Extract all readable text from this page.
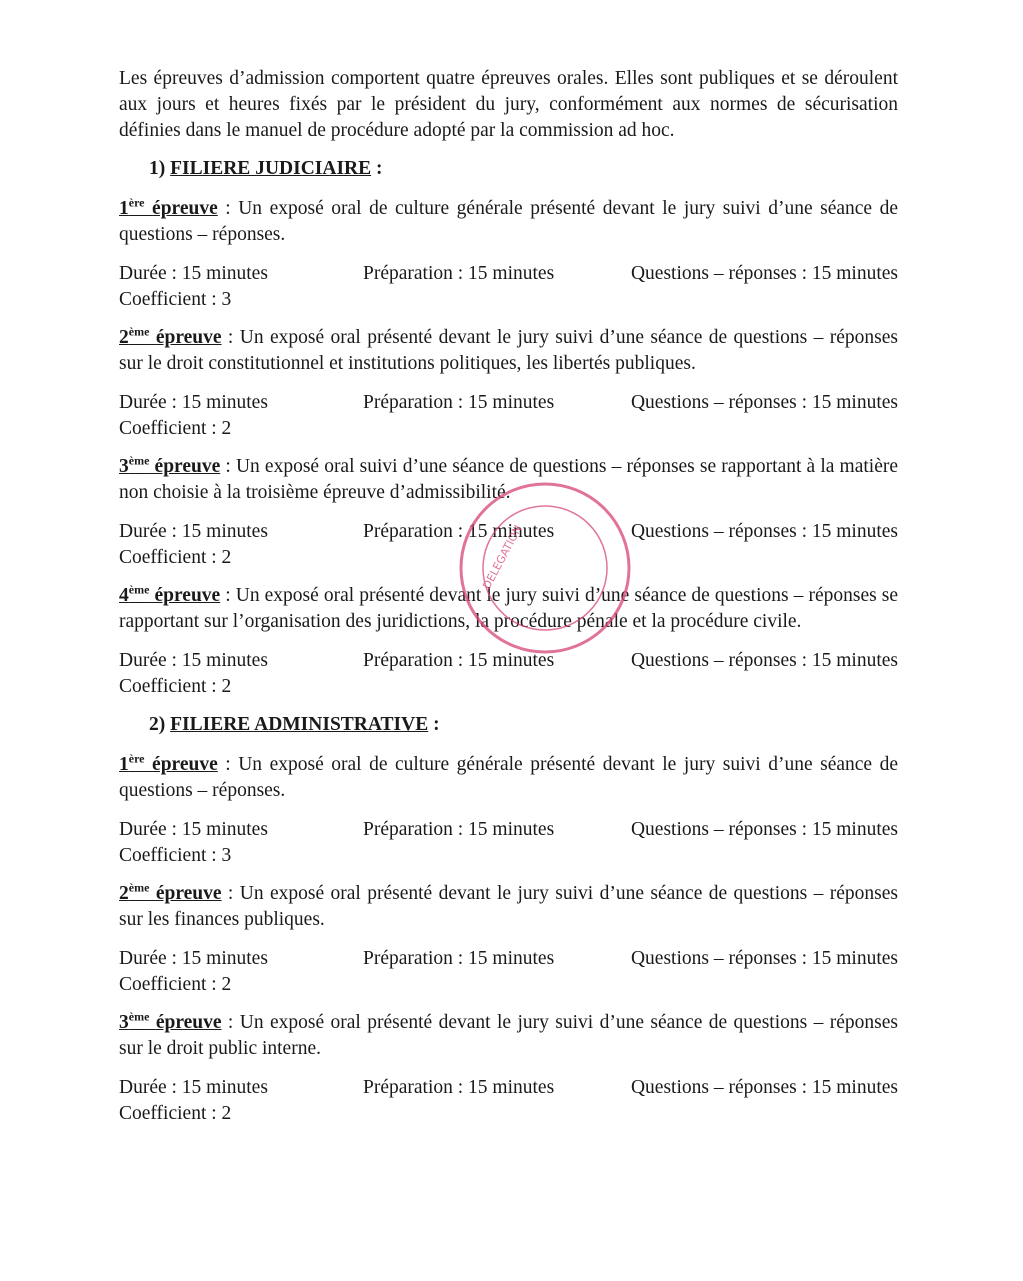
Les épreuves d’admission comportent quatre épreuves orales. Elles sont publiques et se déroulent aux jours et heures fixés par le président du jury, conformément aux normes de sécurisation définies dans le manuel de procédure adopté par la commission ad hoc.

1) FILIERE JUDICIAIRE :

1ère épreuve : Un exposé oral de culture générale présenté devant le jury suivi d’une séance de questions – réponses.

Durée : 15 minutes	Préparation : 15 minutes	Questions – réponses : 15 minutes
Coefficient : 3

2ème épreuve : Un exposé oral présenté devant le jury suivi d’une séance de questions – réponses sur le droit constitutionnel et institutions politiques, les libertés publiques.

Durée : 15 minutes	Préparation : 15 minutes	Questions – réponses : 15 minutes
Coefficient : 2

3ème épreuve : Un exposé oral suivi d’une séance de questions – réponses se rapportant à la matière non choisie à la troisième épreuve d’admissibilité.

Durée : 15 minutes	Préparation : 15 minutes	Questions – réponses : 15 minutes
Coefficient : 2

4ème épreuve : Un exposé oral présenté devant le jury suivi d’une séance de questions – réponses se rapportant sur l’organisation des juridictions, la procédure pénale et la procédure civile.

Durée : 15 minutes	Préparation : 15 minutes	Questions – réponses : 15 minutes
Coefficient : 2

2) FILIERE ADMINISTRATIVE :

1ère épreuve : Un exposé oral de culture générale présenté devant le jury suivi d’une séance de questions – réponses.

Durée : 15 minutes	Préparation : 15 minutes	Questions – réponses : 15 minutes
Coefficient : 3

2ème épreuve : Un exposé oral présenté devant le jury suivi d’une séance de questions – réponses sur les finances publiques.

Durée : 15 minutes	Préparation : 15 minutes	Questions – réponses : 15 minutes
Coefficient : 2

3ème épreuve : Un exposé oral présenté devant le jury suivi d’une séance de questions – réponses sur le droit public interne.

Durée : 15 minutes	Préparation : 15 minutes	Questions – réponses : 15 minutes
Coefficient : 2
DELEGATION
